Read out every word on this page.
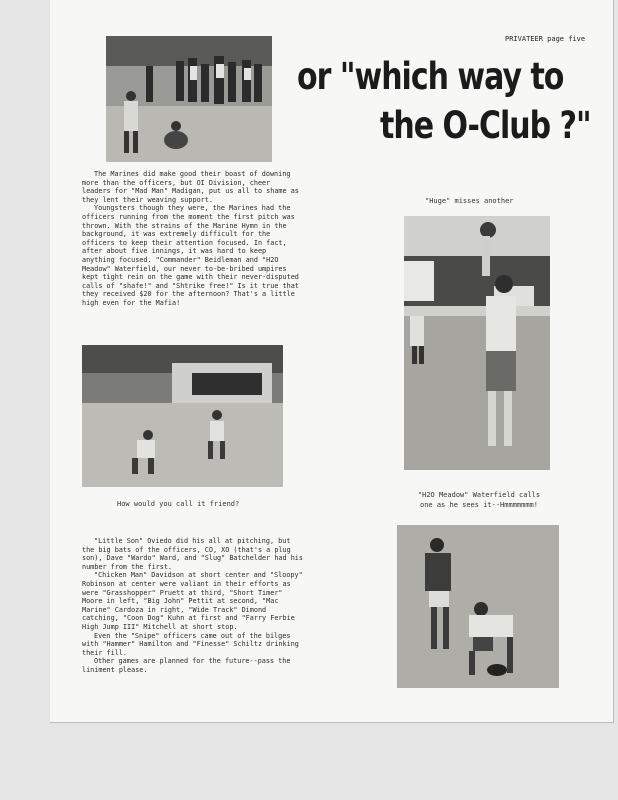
PRIVATEER page five
or "which way to
the O-Club ?"

The Marines did make good their boast of downing more than the officers, but OI Division, cheer leaders for "Mad Man" Madigan, put us all to shame as they lent their weaving support.

Youngsters though they were, the Marines had the officers running from the moment the first pitch was thrown. With the strains of the Marine Hymn in the background, it was extremely difficult for the officers to keep their attention focused. In fact, after about five innings, it was hard to keep anything focused. "Commander" Beidleman and "H2O Meadow" Waterfield, our never to-be-bribed umpires kept tight rein on the game with their never-disputed calls of "shafe!" and "Shtrike free!" Is it true that they received $20 for the afternoon? That's a little high even for the Mafia!

"Huge" misses another
How would you call it friend?
"H2O Meadow" Waterfield calls
one as he sees it--Hmmmmmmm!

"Little Son" Oviedo did his all at pitching, but the big bats of the officers, CO, XO (that's a plug son), Dave "Wardo" Ward, and "Slug" Batchelder had his number from the first.

"Chicken Man" Davidson at short center and "Sloopy" Robinson at center were valiant in their efforts as were "Grasshopper" Pruett at third, "Short Timer" Moore in left, "Big John" Pettit at second, "Mac Marine" Cardoza in right, "Wide Track" Dimond catching, "Coon Dog" Kuhn at first and "Farry Ferbie High Jump III" Mitchell at short stop.

Even the "Snipe" officers came out of the bilges with "Hammer" Hamilton and "Finesse" Schiltz drinking their fill.

Other games are planned for the future--pass the liniment please.
